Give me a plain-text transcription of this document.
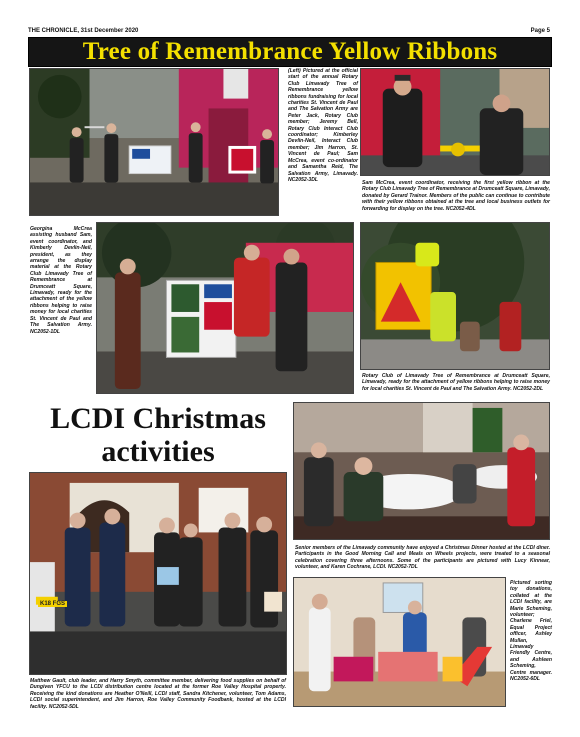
THE CHRONICLE, 31st December 2020	Page 5
Tree of Remembrance Yellow Ribbons
(Left) Pictured at the official start of the annual Rotary Club Limavady Tree of Remembrance yellow ribbons fundraising for local charities St. Vincent de Paul and The Salvation Army are Peter Jack, Rotary Club member; Jeremy Bell, Rotary Club Interact Club coordinator; Kimberley Devlin-Neil, Interact Club member; Jim Harron, St. Vincent de Paul; Sam McCrea, event co-ordinator and Samantha Reid, The Salvation Army, Limavady. NC2052-3DL
Sam McCrea, event coordinator, receiving the first yellow ribbon at the Rotary Club Limavady Tree of Remembrance at Drumceatt Square, Limavady, donated by Gerard Trainor. Members of the public can continue to contribute with their yellow ribbons obtained at the tree and local business outlets for forwarding for display on the tree. NC2052-4DL
Georgina McCrea assisting husband Sam, event coordinator, and Kimberly Devlin-Neil, president, as they arrange the display material at the Rotary Club Limavady Tree of Remembrance at Drumceatt Square, Limavady, ready for the attachment of the yellow ribbons helping to raise money for local charities St. Vincent de Paul and The Salvation Army. NC2052-1DL
Rotary Club of Limavady Tree of Remembrance at Drumceatt Square, Limavady, ready for the attachment of yellow ribbons helping to raise money for local charities St. Vincent de Paul and The Salvation Army. NC2052-2DL
LCDI Christmas
activities
Senior members of the Limavady community have enjoyed a Christmas Dinner hosted at the LCDI diner. Participants in the Good Morning Call and Meals on Wheels projects, were treated to a seasonal celebration covering three afternoons. Some of the participants are pictured with Lucy Kinnear, volunteer, and Karen Cochrane, LCDI. NC2052-7DL
K18 FGS
Matthew Gault, club leader, and Harry Smyth, committee member, delivering food supplies on behalf of Dungiven YFCU to the LCDI distribution centre located at the former Roe Valley Hospital property. Receiving the kind donations are Heather O'Neill, LCDI staff, Sandra Kitchener, volunteer, Tom Adams, LCDI social superintendent, and Jim Harron, Roe Valley Community Foodbank, hosted at the LCDI facility. NC2052-5DL
Pictured sorting toy donations, collated at the LCDI facility, are Marie Scheming, volunteer; Charlene Friel, Equal Project officer, Ashley Mullan, Limavady Friendly Centre, and Ashleen Scheming, Centre manager. NC2052-6DL
